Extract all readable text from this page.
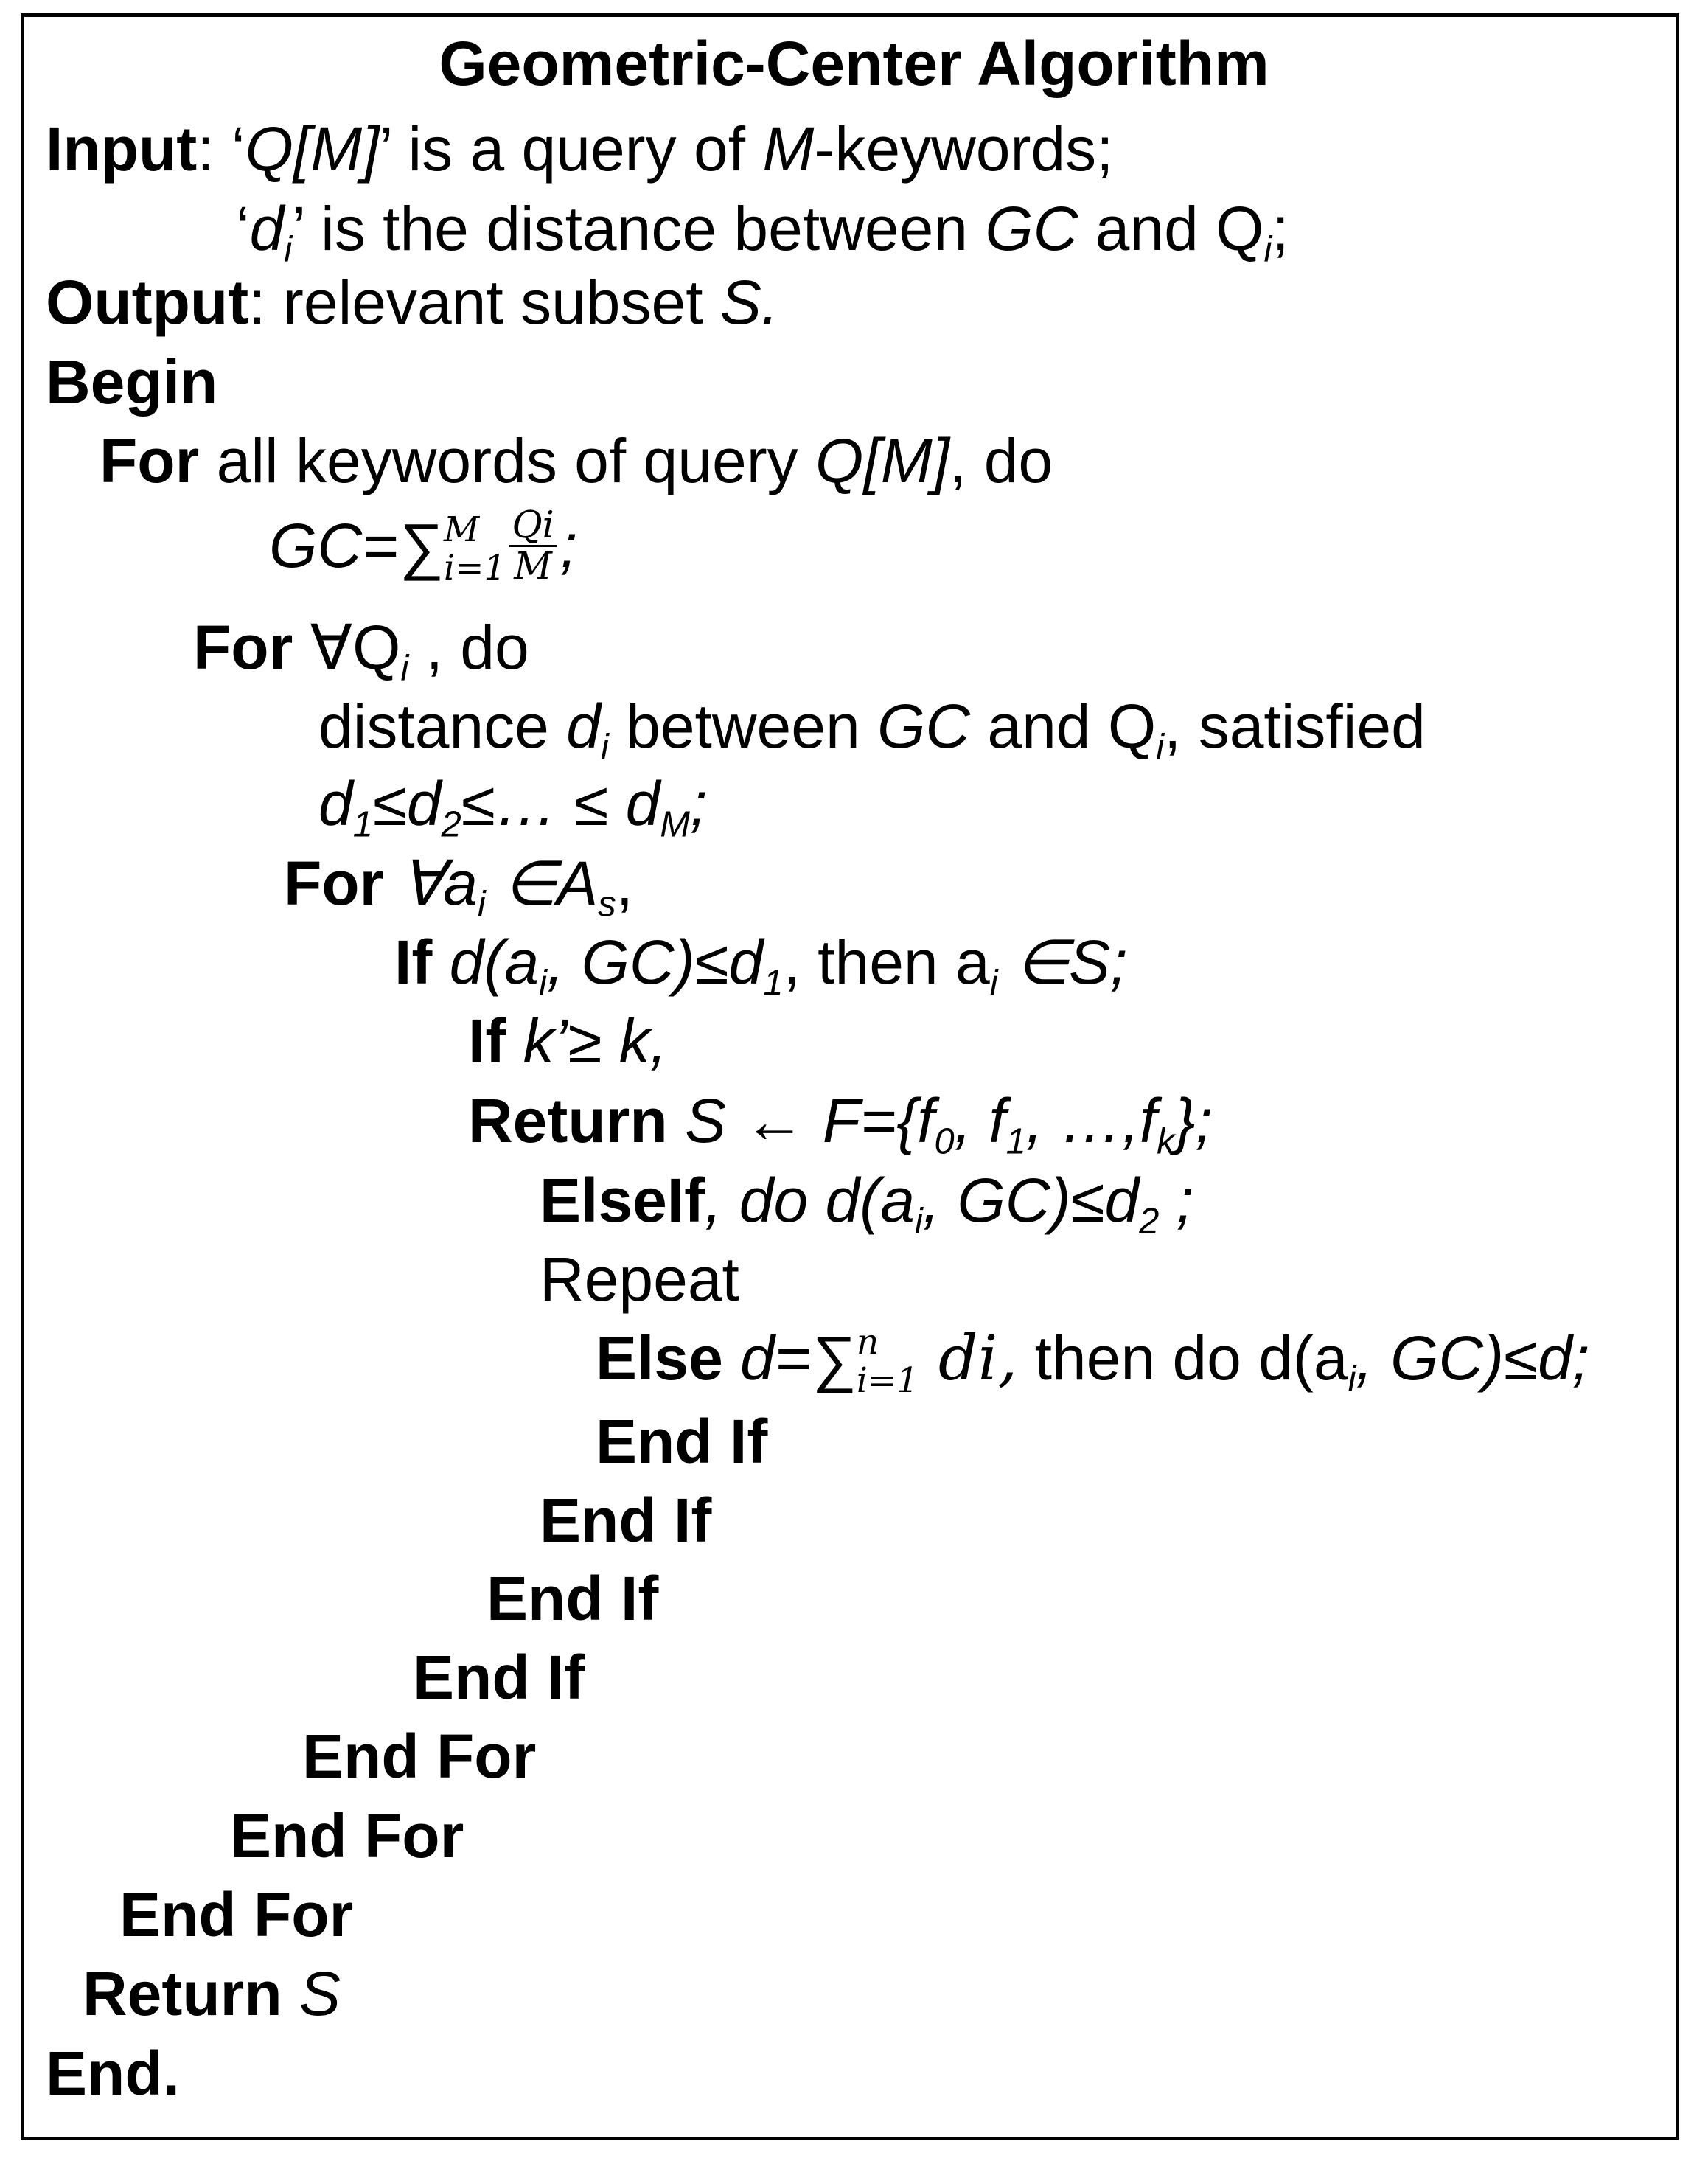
Geometric-Center Algorithm
Input: ‘Q[M]’ is a query of M-keywords;
‘$d_i$’ is the distance between GC and $Q_i$;
Output: relevant subset S.
Begin
For all keywords of query Q[M], do
GC=∑ M
$i=1 \frac{Qi}{M}$ ;
For $\forall Q_i$ , do
distance $d_i$ between GC and $Q_i$, satisfied
$d_1\le d_2\le\dots \le d_M$;
For $\forall a_i$ $\in A_s$,
If $d(a_i$, $GC)\le d_1$, then $a_i$ ∈S;
If k’≥ k,
Return S ← $F=\{f_0$, $f_1$, $\dots,f_k$};
ElseIf, do $d(a_i$, $GC)\le d_2$ ;
Repeat
Else d=∑ n
i=1 di, then do $d(a_i$, GC)≤d;
End If
End If
End If
End If
End For
End For
End For
Return S
End.
